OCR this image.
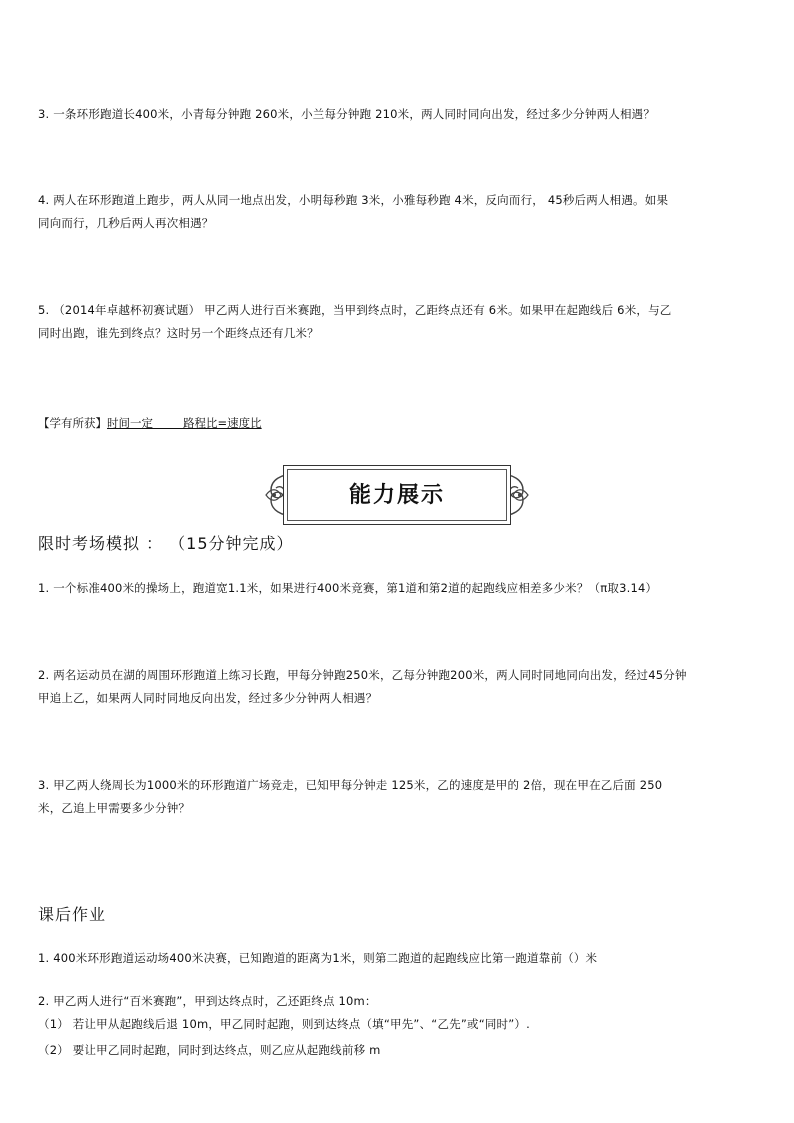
3. 一条环形跑道长400米，小青每分钟跑 260米，小兰每分钟跑 210米，两人同时同向出发，经过多少分钟两人相遇？
4. 两人在环形跑道上跑步，两人从同一地点出发，小明每秒跑 3米，小雅每秒跑 4米，反向而行， 45秒后两人相遇。如果
同向而行，几秒后两人再次相遇？
5. （2014年卓越杯初赛试题） 甲乙两人进行百米赛跑，当甲到终点时，乙距终点还有 6米。如果甲在起跑线后 6米，与乙
同时出跑，谁先到终点？这时另一个距终点还有几米？
【学有所获】时间一定	路程比=速度比
能力展示
限时考场模拟 ： （15分钟完成）
1. 一个标准400米的操场上，跑道宽1.1米，如果进行400米竞赛，第1道和第2道的起跑线应相差多少米？（π取3.14）
2. 两名运动员在湖的周围环形跑道上练习长跑，甲每分钟跑250米，乙每分钟跑200米，两人同时同地同向出发，经过45分钟
甲追上乙，如果两人同时同地反向出发，经过多少分钟两人相遇？
3. 甲乙两人绕周长为1000米的环形跑道广场竞走，已知甲每分钟走 125米，乙的速度是甲的 2倍，现在甲在乙后面 250
米，乙追上甲需要多少分钟？
课后作业
1. 400米环形跑道运动场400米决赛，已知跑道的距离为1米，则第二跑道的起跑线应比第一跑道靠前（）米
2. 甲乙两人进行“百米赛跑”，甲到达终点时，乙还距终点 10m：
（1） 若让甲从起跑线后退 10m，甲乙同时起跑，则到达终点（填“甲先”、“乙先”或“同时”）.
（2） 要让甲乙同时起跑，同时到达终点，则乙应从起跑线前移 m
